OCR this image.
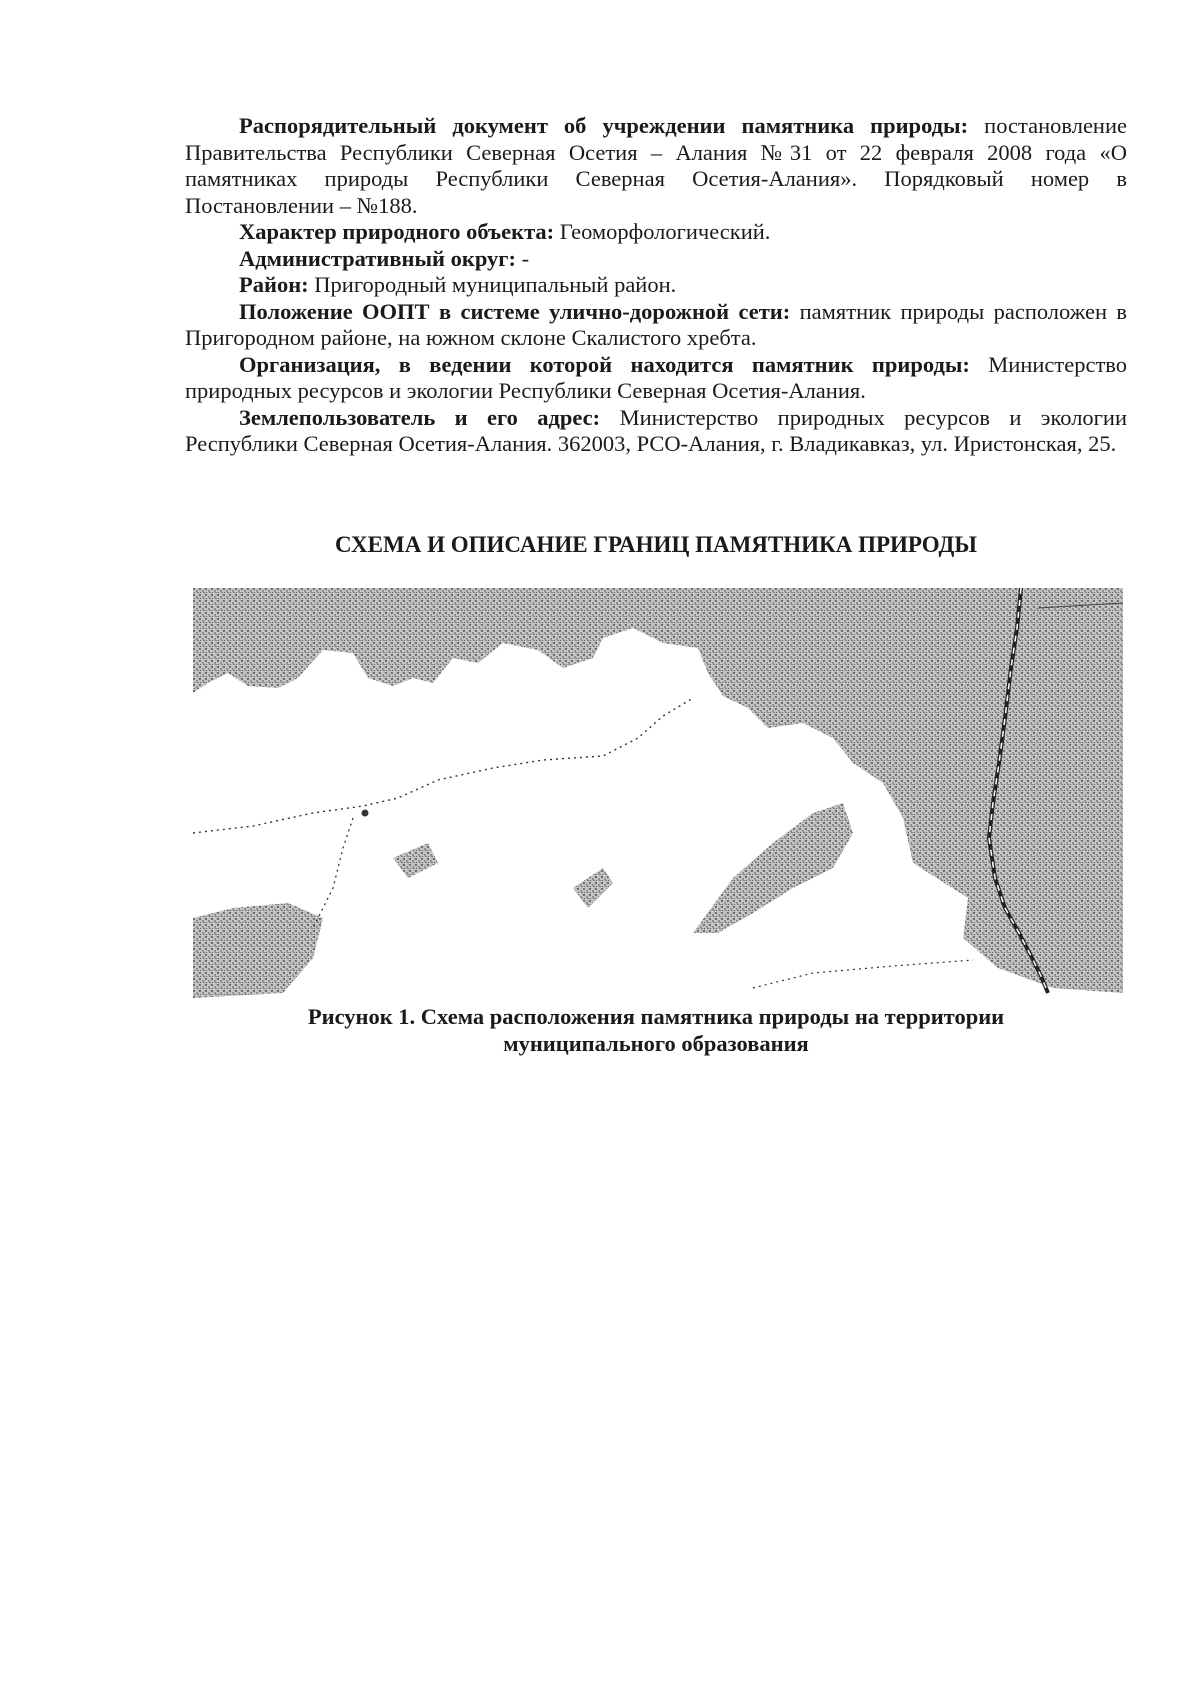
Распорядительный документ об учреждении памятника природы: постановление Правительства Республики Северная Осетия – Алания №31 от 22 февраля 2008 года «О памятниках природы Республики Северная Осетия-Алания». Порядковый номер в Постановлении – №188.

Характер природного объекта: Геоморфологический.

Административный округ: -

Район: Пригородный муниципальный район.

Положение ООПТ в системе улично-дорожной сети: памятник природы расположен в Пригородном районе, на южном склоне Скалистого хребта.

Организация, в ведении которой находится памятник природы: Министерство природных ресурсов и экологии Республики Северная Осетия-Алания.

Землепользователь и его адрес: Министерство природных ресурсов и экологии Республики Северная Осетия-Алания. 362003, РСО-Алания, г. Владикавказ, ул. Иристонская, 25.

СХЕМА И ОПИСАНИЕ ГРАНИЦ ПАМЯТНИКА ПРИРОДЫ

Рисунок 1. Схема расположения памятника природы на территории
муниципального образования
